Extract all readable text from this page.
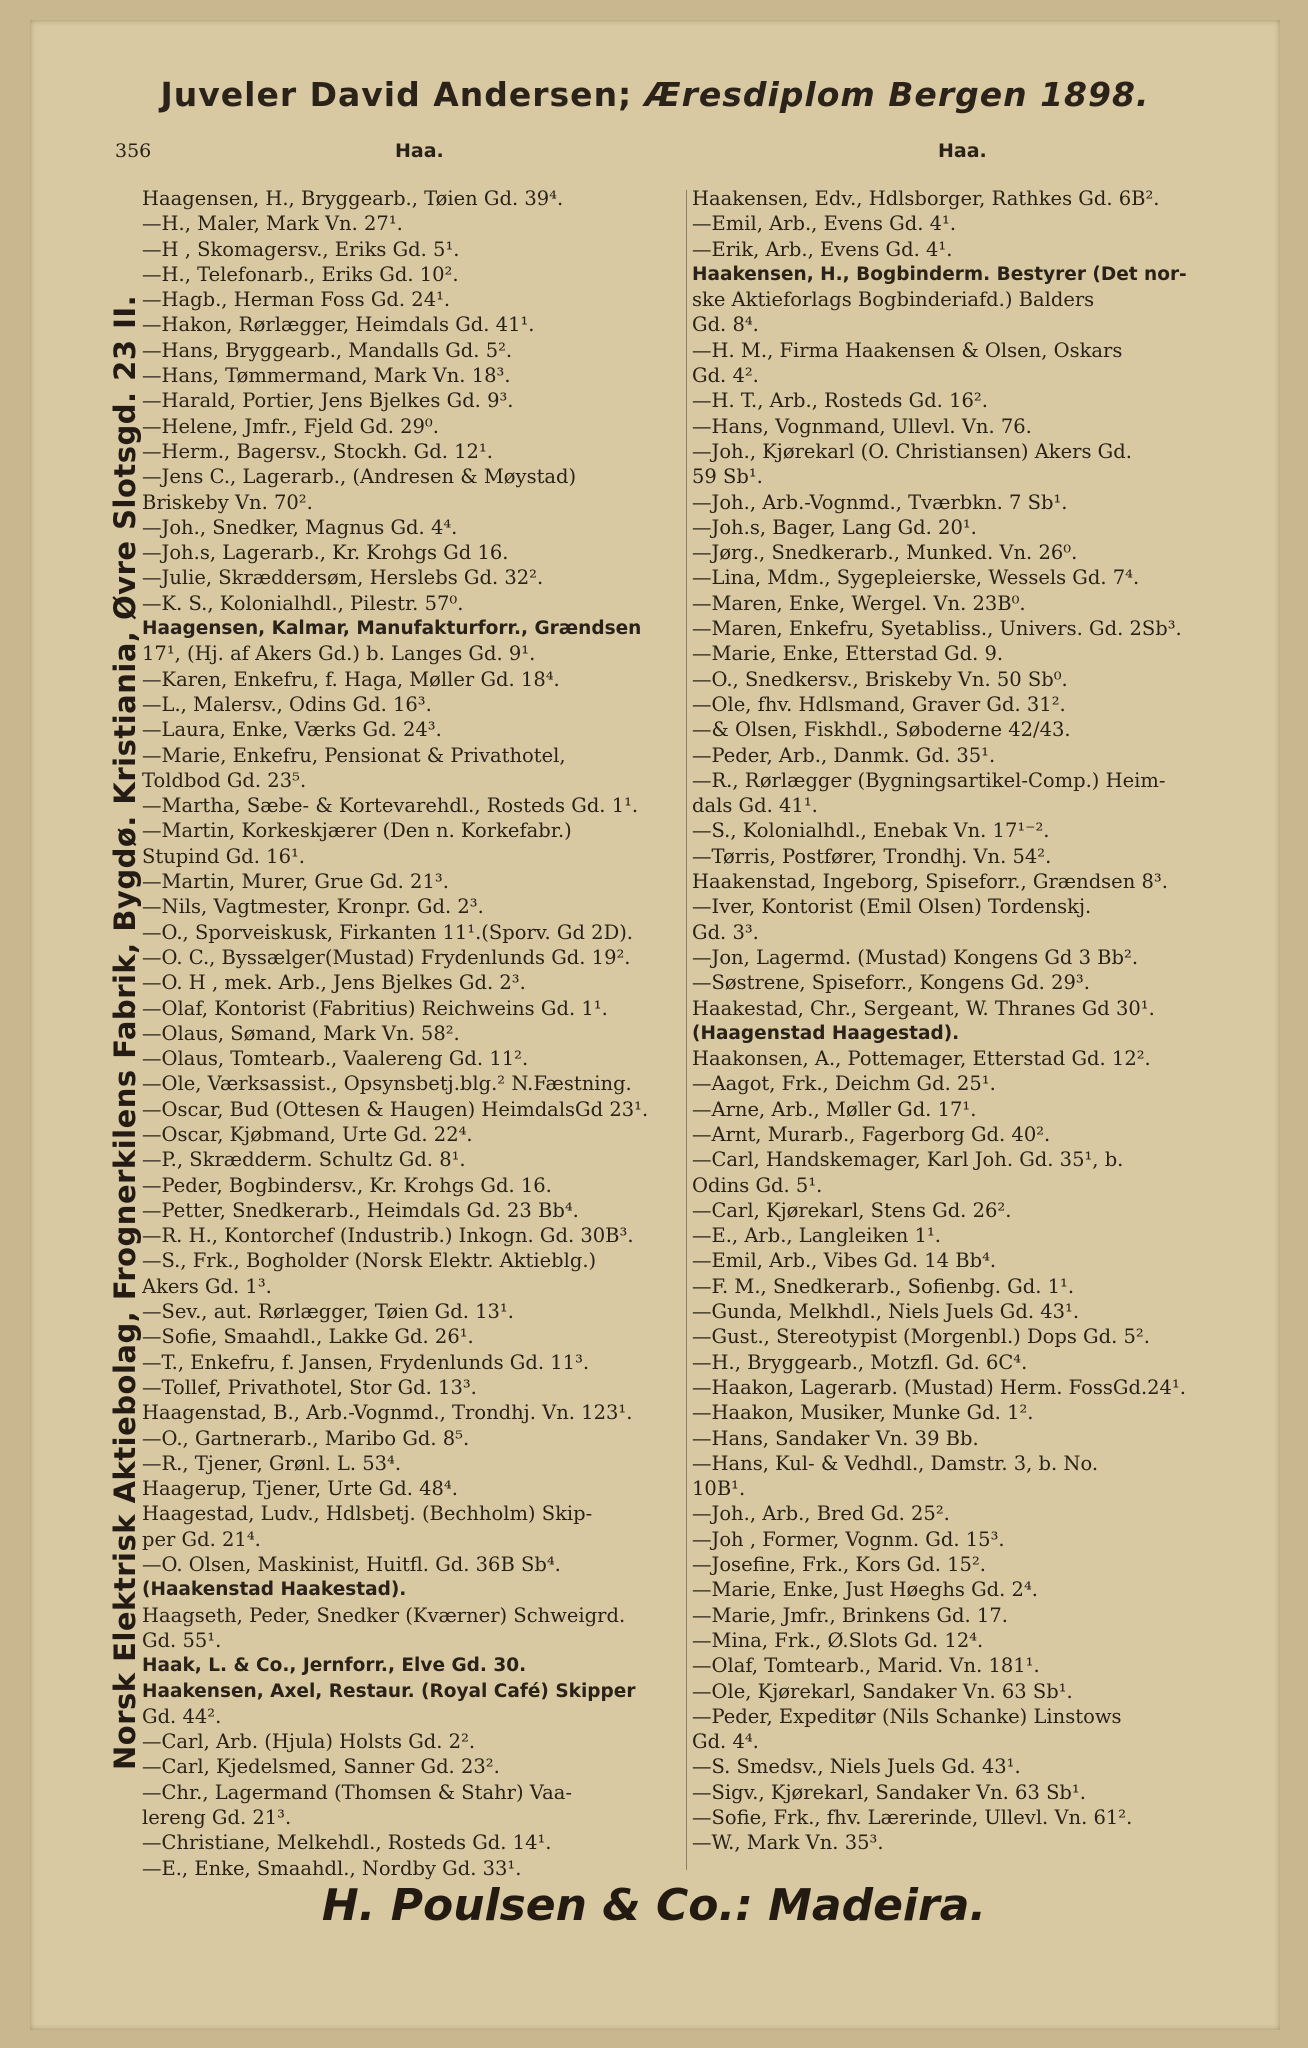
Juveler David Andersen; Æresdiplom Bergen 1898.
356	Haa.	Haa.
Norsk Elektrisk Aktiebolag, Frognerkilens Fabrik, Bygdø. Kristiania, Øvre Slotsgd. 23 II.
Haagensen, H., Bryggearb., Tøien Gd. 39⁴.
—H., Maler, Mark Vn. 27¹.
—H , Skomagersv., Eriks Gd. 5¹.
—H., Telefonarb., Eriks Gd. 10².
—Hagb., Herman Foss Gd. 24¹.
—Hakon, Rørlægger, Heimdals Gd. 41¹.
—Hans, Bryggearb., Mandalls Gd. 5².
—Hans, Tømmermand, Mark Vn. 18³.
—Harald, Portier, Jens Bjelkes Gd. 9³.
—Helene, Jmfr., Fjeld Gd. 29⁰.
—Herm., Bagersv., Stockh. Gd. 12¹.
—Jens C., Lagerarb., (Andresen & Møystad)
Briskeby Vn. 70².
—Joh., Snedker, Magnus Gd. 4⁴.
—Joh.s, Lagerarb., Kr. Krohgs Gd 16.
—Julie, Skræddersøm, Herslebs Gd. 32².
—K. S., Kolonialhdl., Pilestr. 57⁰.
Haagensen, Kalmar, Manufakturforr., Grændsen
17¹, (Hj. af Akers Gd.) b. Langes Gd. 9¹.
—Karen, Enkefru, f. Haga, Møller Gd. 18⁴.
—L., Malersv., Odins Gd. 16³.
—Laura, Enke, Værks Gd. 24³.
—Marie, Enkefru, Pensionat & Privathotel,
Toldbod Gd. 23⁵.
—Martha, Sæbe- & Kortevarehdl., Rosteds Gd. 1¹.
—Martin, Korkeskjærer (Den n. Korkefabr.)
Stupind Gd. 16¹.
—Martin, Murer, Grue Gd. 21³.
—Nils, Vagtmester, Kronpr. Gd. 2³.
—O., Sporveiskusk, Firkanten 11¹.(Sporv. Gd 2D).
—O. C., Byssælger(Mustad) Frydenlunds Gd. 19².
—O. H , mek. Arb., Jens Bjelkes Gd. 2³.
—Olaf, Kontorist (Fabritius) Reichweins Gd. 1¹.
—Olaus, Sømand, Mark Vn. 58².
—Olaus, Tomtearb., Vaalereng Gd. 11².
—Ole, Værksassist., Opsynsbetj.blg.² N.Fæstning.
—Oscar, Bud (Ottesen & Haugen) HeimdalsGd 23¹.
—Oscar, Kjøbmand, Urte Gd. 22⁴.
—P., Skrædderm. Schultz Gd. 8¹.
—Peder, Bogbindersv., Kr. Krohgs Gd. 16.
—Petter, Snedkerarb., Heimdals Gd. 23 Bb⁴.
—R. H., Kontorchef (Industrib.) Inkogn. Gd. 30B³.
—S., Frk., Bogholder (Norsk Elektr. Aktieblg.)
Akers Gd. 1³.
—Sev., aut. Rørlægger, Tøien Gd. 13¹.
—Sofie, Smaahdl., Lakke Gd. 26¹.
—T., Enkefru, f. Jansen, Frydenlunds Gd. 11³.
—Tollef, Privathotel, Stor Gd. 13³.
Haagenstad, B., Arb.-Vognmd., Trondhj. Vn. 123¹.
—O., Gartnerarb., Maribo Gd. 8⁵.
—R., Tjener, Grønl. L. 53⁴.
Haagerup, Tjener, Urte Gd. 48⁴.
Haagestad, Ludv., Hdlsbetj. (Bechholm) Skip-
per Gd. 21⁴.
—O. Olsen, Maskinist, Huitfl. Gd. 36B Sb⁴.
(Haakenstad Haakestad).
Haagseth, Peder, Snedker (Kværner) Schweigrd.
Gd. 55¹.
Haak, L. & Co., Jernforr., Elve Gd. 30.
Haakensen, Axel, Restaur. (Royal Café) Skipper
Gd. 44².
—Carl, Arb. (Hjula) Holsts Gd. 2².
—Carl, Kjedelsmed, Sanner Gd. 23².
—Chr., Lagermand (Thomsen & Stahr) Vaa-
lereng Gd. 21³.
—Christiane, Melkehdl., Rosteds Gd. 14¹.
—E., Enke, Smaahdl., Nordby Gd. 33¹.
Haakensen, Edv., Hdlsborger, Rathkes Gd. 6B².
—Emil, Arb., Evens Gd. 4¹.
—Erik, Arb., Evens Gd. 4¹.
Haakensen, H., Bogbinderm. Bestyrer (Det nor-
ske Aktieforlags Bogbinderiafd.) Balders
Gd. 8⁴.
—H. M., Firma Haakensen & Olsen, Oskars
Gd. 4².
—H. T., Arb., Rosteds Gd. 16².
—Hans, Vognmand, Ullevl. Vn. 76.
—Joh., Kjørekarl (O. Christiansen) Akers Gd.
59 Sb¹.
—Joh., Arb.-Vognmd., Tværbkn. 7 Sb¹.
—Joh.s, Bager, Lang Gd. 20¹.
—Jørg., Snedkerarb., Munked. Vn. 26⁰.
—Lina, Mdm., Sygepleierske, Wessels Gd. 7⁴.
—Maren, Enke, Wergel. Vn. 23B⁰.
—Maren, Enkefru, Syetabliss., Univers. Gd. 2Sb³.
—Marie, Enke, Etterstad Gd. 9.
—O., Snedkersv., Briskeby Vn. 50 Sb⁰.
—Ole, fhv. Hdlsmand, Graver Gd. 31².
—& Olsen, Fiskhdl., Søboderne 42/43.
—Peder, Arb., Danmk. Gd. 35¹.
—R., Rørlægger (Bygningsartikel-Comp.) Heim-
dals Gd. 41¹.
—S., Kolonialhdl., Enebak Vn. 17¹⁻².
—Tørris, Postfører, Trondhj. Vn. 54².
Haakenstad, Ingeborg, Spiseforr., Grændsen 8³.
—Iver, Kontorist (Emil Olsen) Tordenskj.
Gd. 3³.
—Jon, Lagermd. (Mustad) Kongens Gd 3 Bb².
—Søstrene, Spiseforr., Kongens Gd. 29³.
Haakestad, Chr., Sergeant, W. Thranes Gd 30¹.
(Haagenstad Haagestad).
Haakonsen, A., Pottemager, Etterstad Gd. 12².
—Aagot, Frk., Deichm Gd. 25¹.
—Arne, Arb., Møller Gd. 17¹.
—Arnt, Murarb., Fagerborg Gd. 40².
—Carl, Handskemager, Karl Joh. Gd. 35¹, b.
Odins Gd. 5¹.
—Carl, Kjørekarl, Stens Gd. 26².
—E., Arb., Langleiken 1¹.
—Emil, Arb., Vibes Gd. 14 Bb⁴.
—F. M., Snedkerarb., Sofienbg. Gd. 1¹.
—Gunda, Melkhdl., Niels Juels Gd. 43¹.
—Gust., Stereotypist (Morgenbl.) Dops Gd. 5².
—H., Bryggearb., Motzfl. Gd. 6C⁴.
—Haakon, Lagerarb. (Mustad) Herm. FossGd.24¹.
—Haakon, Musiker, Munke Gd. 1².
—Hans, Sandaker Vn. 39 Bb.
—Hans, Kul- & Vedhdl., Damstr. 3, b. No.
10B¹.
—Joh., Arb., Bred Gd. 25².
—Joh , Former, Vognm. Gd. 15³.
—Josefine, Frk., Kors Gd. 15².
—Marie, Enke, Just Høeghs Gd. 2⁴.
—Marie, Jmfr., Brinkens Gd. 17.
—Mina, Frk., Ø.Slots Gd. 12⁴.
—Olaf, Tomtearb., Marid. Vn. 181¹.
—Ole, Kjørekarl, Sandaker Vn. 63 Sb¹.
—Peder, Expeditør (Nils Schanke) Linstows
Gd. 4⁴.
—S. Smedsv., Niels Juels Gd. 43¹.
—Sigv., Kjørekarl, Sandaker Vn. 63 Sb¹.
—Sofie, Frk., fhv. Lærerinde, Ullevl. Vn. 61².
—W., Mark Vn. 35³.
H. Poulsen & Co.: Madeira.
